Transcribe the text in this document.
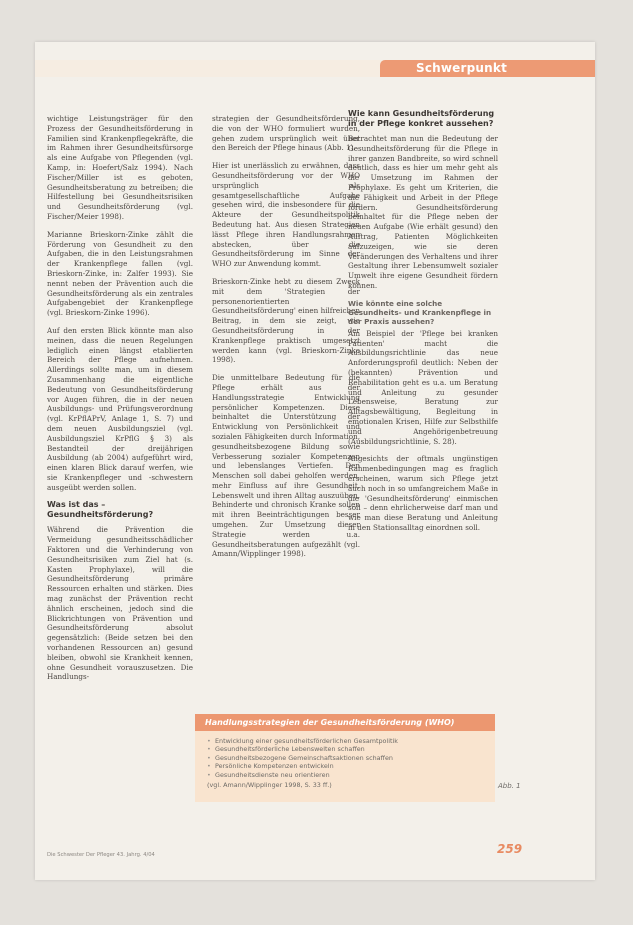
Schwerpunkt

wichtige Leistungsträger für den Prozess der Gesundheitsförderung in Familien sind Krankenpflegekräfte, die im Rahmen ihrer Gesundheitsfürsorge als eine Aufgabe von Pflegenden (vgl. Kamp, in: Hoefert/Salz 1994). Nach Fischer/Miller ist es geboten, Gesundheitsberatung zu betreiben; die Hilfestellung bei Gesundheitsrisiken und Gesundheitsförderung (vgl. Fischer/Meier 1998).

Marianne Brieskorn-Zinke zählt die Förderung von Gesundheit zu den Aufgaben, die in den Leistungsrahmen der Krankenpflege fallen (vgl. Brieskorn-Zinke, in: Zalfer 1993). Sie nennt neben der Prävention auch die Gesundheitsförderung als ein zentrales Aufgabengebiet der Krankenpflege (vgl. Brieskorn-Zinke 1996).

Auf den ersten Blick könnte man also meinen, dass die neuen Regelungen lediglich einen längst etablierten Bereich der Pflege aufnehmen. Allerdings sollte man, um in diesem Zusammenhang die eigentliche Bedeutung von Gesundheitsförderung vor Augen führen, die in der neuen Ausbildungs- und Prüfungsverordnung (vgl. KrPflAPrV, Anlage 1, S. 7) und dem neuen Ausbildungsziel (vgl. Ausbildungsziel KrPflG § 3) als Bestandteil der dreijährigen Ausbildung (ab 2004) aufgeführt wird, einen klaren Blick darauf werfen, wie sie Krankenpfleger und -schwestern ausgeübt werden sollen.

Was ist das – Gesundheitsförderung?

Während die Prävention die Vermeidung gesundheitsschädlicher Faktoren und die Verhinderung von Gesundheitsrisiken zum Ziel hat (s. Kasten Prophylaxe), will die Gesundheitsförderung primäre Ressourcen erhalten und stärken. Dies mag zunächst der Prävention recht ähnlich erscheinen, jedoch sind die Blickrichtungen von Prävention und Gesundheitsförderung absolut gegensätzlich: (Beide setzen bei den vorhandenen Ressourcen an) gesund bleiben, obwohl sie Krankheit kennen, ohne Gesundheit vorauszusetzen. Die Handlungs-

strategien der Gesundheitsförderung, die von der WHO formuliert wurden, gehen zudem ursprünglich weit über den Bereich der Pflege hinaus (Abb. 1).

Hier ist unerlässlich zu erwähnen, dass Gesundheitsförderung vor der WHO ursprünglich als gesamtgesellschaftliche Aufgabe gesehen wird, die insbesondere für die Akteure der Gesundheitspolitik Bedeutung hat. Aus diesen Strategien lässt Pflege ihren Handlungsrahmen abstecken, über die Gesundheitsförderung im Sinne der WHO zur Anwendung kommt.

Brieskorn-Zinke hebt zu diesem Zweck mit dem 'Strategien der personenorientierten Gesundheitsförderung' einen hilfreichen Beitrag, in dem sie zeigt, wie Gesundheitsförderung in der Krankenpflege praktisch umgesetzt werden kann (vgl. Brieskorn-Zinke 1998).

Die unmittelbare Bedeutung für die Pflege erhält aus der Handlungsstrategie Entwicklung persönlicher Kompetenzen. Diese beinhaltet die Unterstützung der Entwicklung von Persönlichkeit und sozialen Fähigkeiten durch Information, gesundheitsbezogene Bildung sowie Verbesserung sozialer Kompetenzen und lebenslanges Vertiefen. Den Menschen soll dabei geholfen werden, mehr Einfluss auf ihre Gesundheit, Lebenswelt und ihren Alltag auszuüben. Behinderte und chronisch Kranke sollen mit ihren Beeinträchtigungen besser umgehen. Zur Umsetzung dieser Strategie werden u.a. Gesundheitsberatungen aufgezählt (vgl. Amann/Wipplinger 1998).

Wie kann Gesundheitsförderung in der Pflege konkret aussehen?

Betrachtet man nun die Bedeutung der Gesundheitsförderung für die Pflege in ihrer ganzen Bandbreite, so wird schnell deutlich, dass es hier um mehr geht als die Umsetzung im Rahmen der Prophylaxe. Es geht um Kriterien, die die Fähigkeit und Arbeit in der Pflege fördern. Gesundheitsförderung beinhaltet für die Pflege neben der neuen Aufgabe (Wie erhält gesund) den Auftrag, Patienten Möglichkeiten aufzuzeigen, wie sie deren Veränderungen des Verhaltens und ihrer Gestaltung ihrer Lebensumwelt sozialer Umwelt ihre eigene Gesundheit fördern können.

Wie könnte eine solche Gesundheits- und Krankenpflege in der Praxis aussehen?

Am Beispiel der 'Pflege bei kranken Patienten' macht die Ausbildungsrichtlinie das neue Anforderungsprofil deutlich: Neben der (bekannten) Prävention und Rehabilitation geht es u.a. um Beratung und Anleitung zu gesunder Lebensweise, Beratung zur Alltagsbewältigung, Begleitung in emotionalen Krisen, Hilfe zur Selbsthilfe und Angehörigenbetreuung (Ausbildungsrichtlinie, S. 28).

Angesichts der oftmals ungünstigen Rahmenbedingungen mag es fraglich erscheinen, warum sich Pflege jetzt auch noch in so umfangreichem Maße in die 'Gesundheitsförderung' einmischen soll – denn ehrlicherweise darf man und wie man diese Beratung und Anleitung in den Stationsalltag einordnen soll.

Handlungsstrategien der Gesundheitsförderung (WHO)
• Entwicklung einer gesundheitsförderlichen Gesamtpolitik
• Gesundheitsförderliche Lebenswelten schaffen
• Gesundheitsbezogene Gemeinschaftsaktionen schaffen
• Persönliche Kompetenzen entwickeln
• Gesundheitsdienste neu orientieren
(vgl. Amann/Wipplinger 1998, S. 33 ff.)	Abb. 1
Die Schwester Der Pfleger 43. Jahrg. 4/04	259
